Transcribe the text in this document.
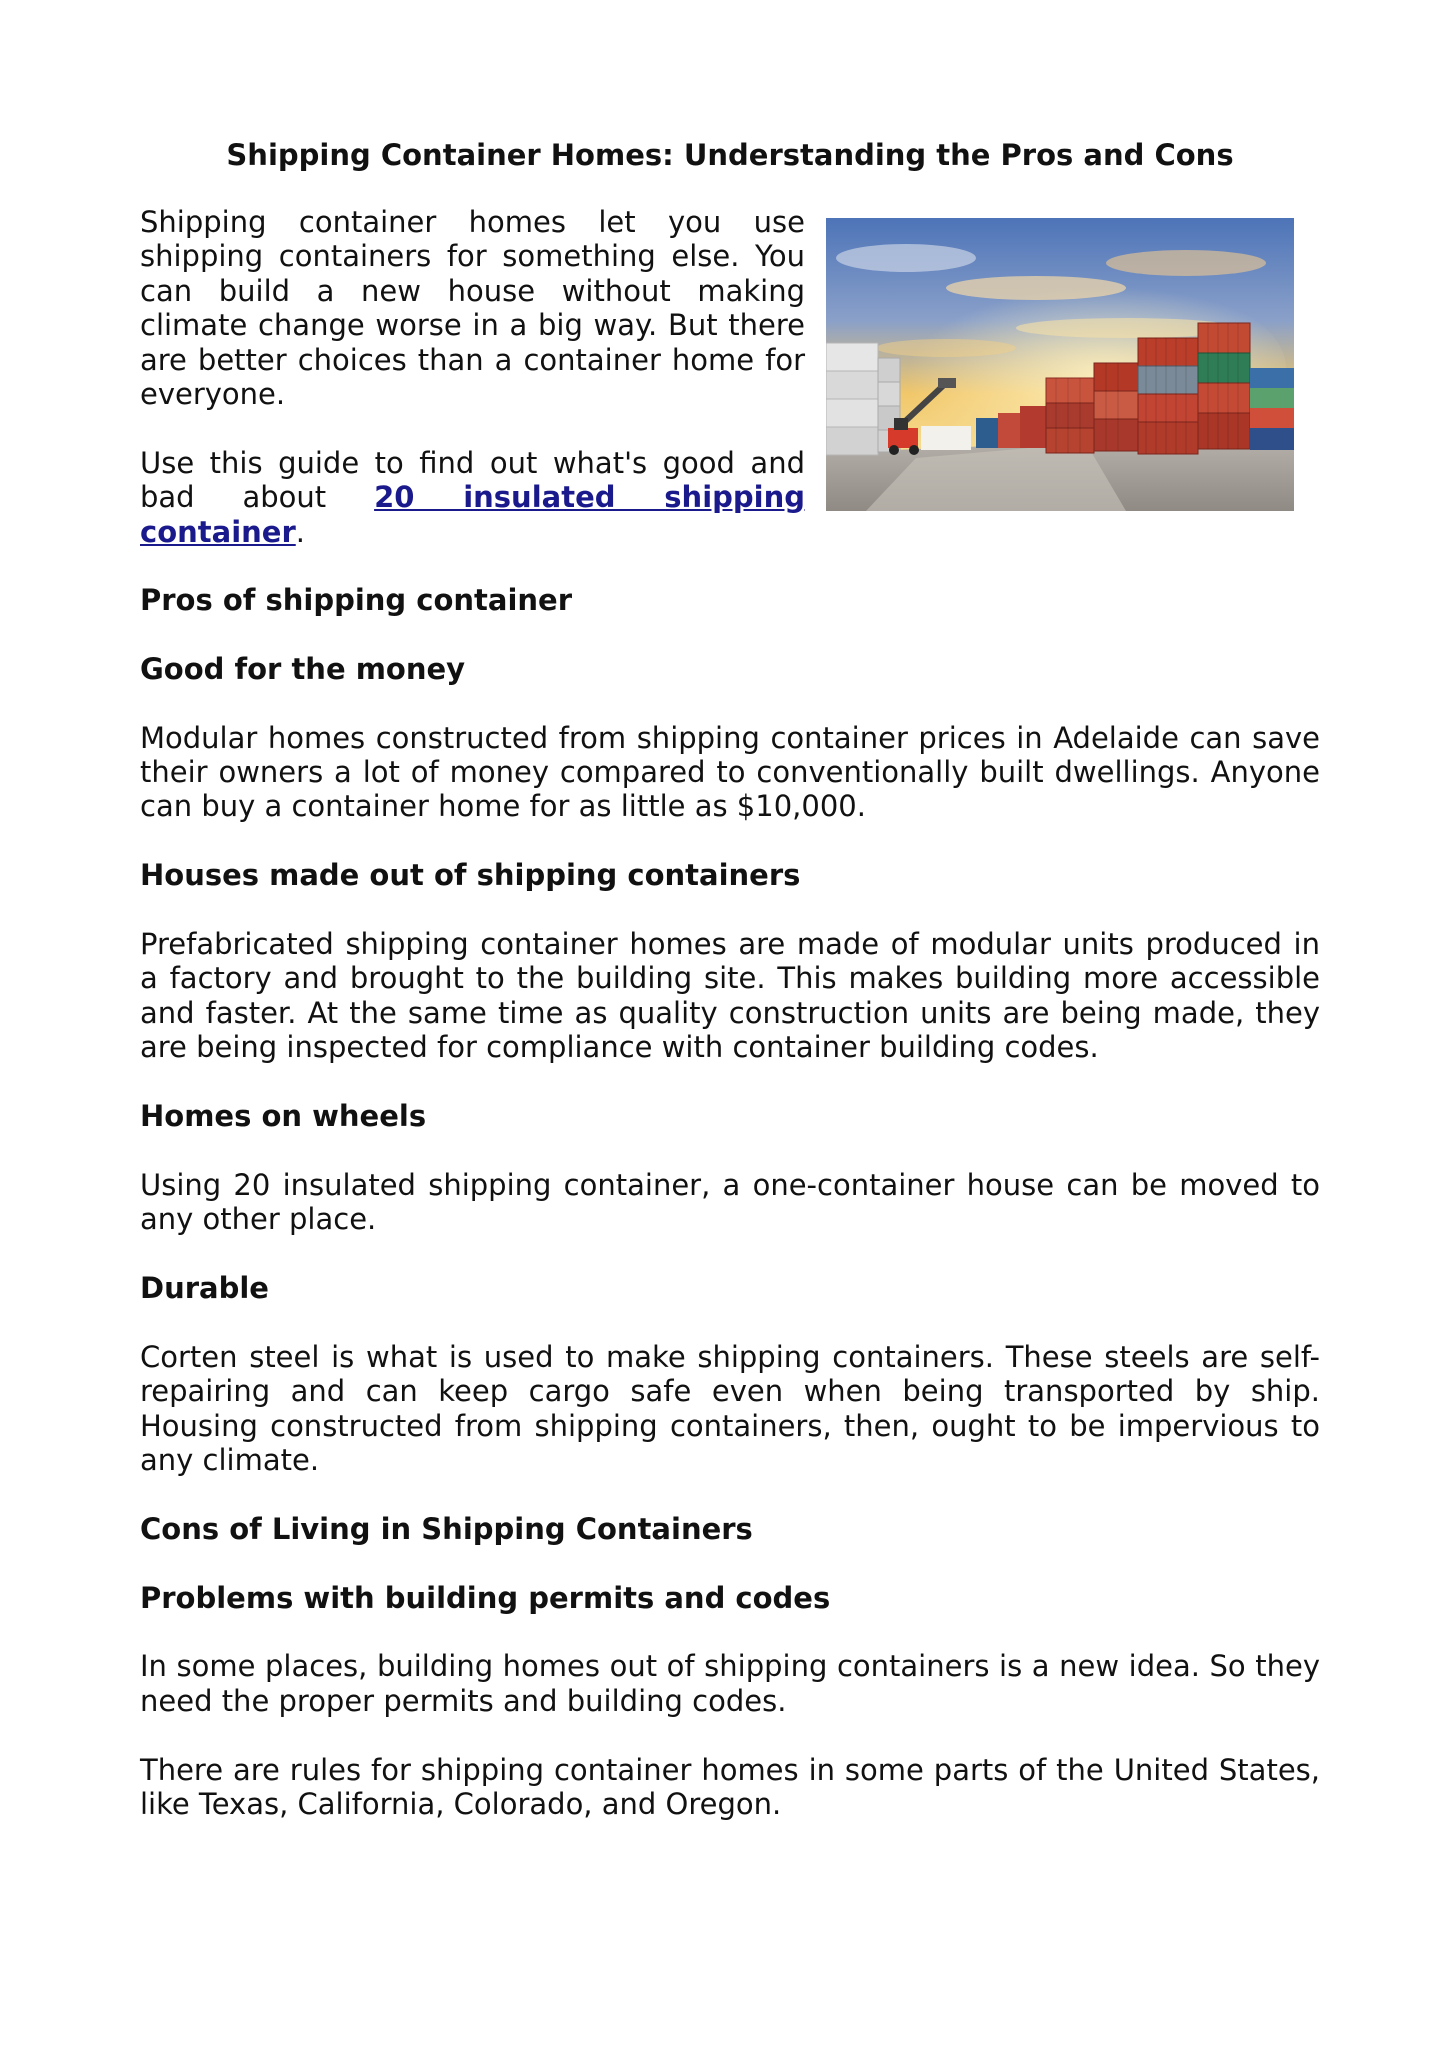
Shipping Container Homes: Understanding the Pros and Cons

Shipping container homes let you use shipping containers for something else. You can build a new house without making climate change worse in a big way. But there are better choices than a container home for everyone.

Use this guide to find out what's good and bad about 20 insulated shipping container.

Pros of shipping container
Good for the money

Modular homes constructed from shipping container prices in Adelaide can save their owners a lot of money compared to conventionally built dwellings. Anyone can buy a container home for as little as $10,000.

Houses made out of shipping containers

Prefabricated shipping container homes are made of modular units produced in a factory and brought to the building site. This makes building more accessible and faster. At the same time as quality construction units are being made, they are being inspected for compliance with container building codes.

Homes on wheels

Using 20 insulated shipping container, a one-container house can be moved to any other place.

Durable

Corten steel is what is used to make shipping containers. These steels are self-repairing and can keep cargo safe even when being transported by ship. Housing constructed from shipping containers, then, ought to be impervious to any climate.

Cons of Living in Shipping Containers
Problems with building permits and codes

In some places, building homes out of shipping containers is a new idea. So they need the proper permits and building codes.

There are rules for shipping container homes in some parts of the United States, like Texas, California, Colorado, and Oregon.
